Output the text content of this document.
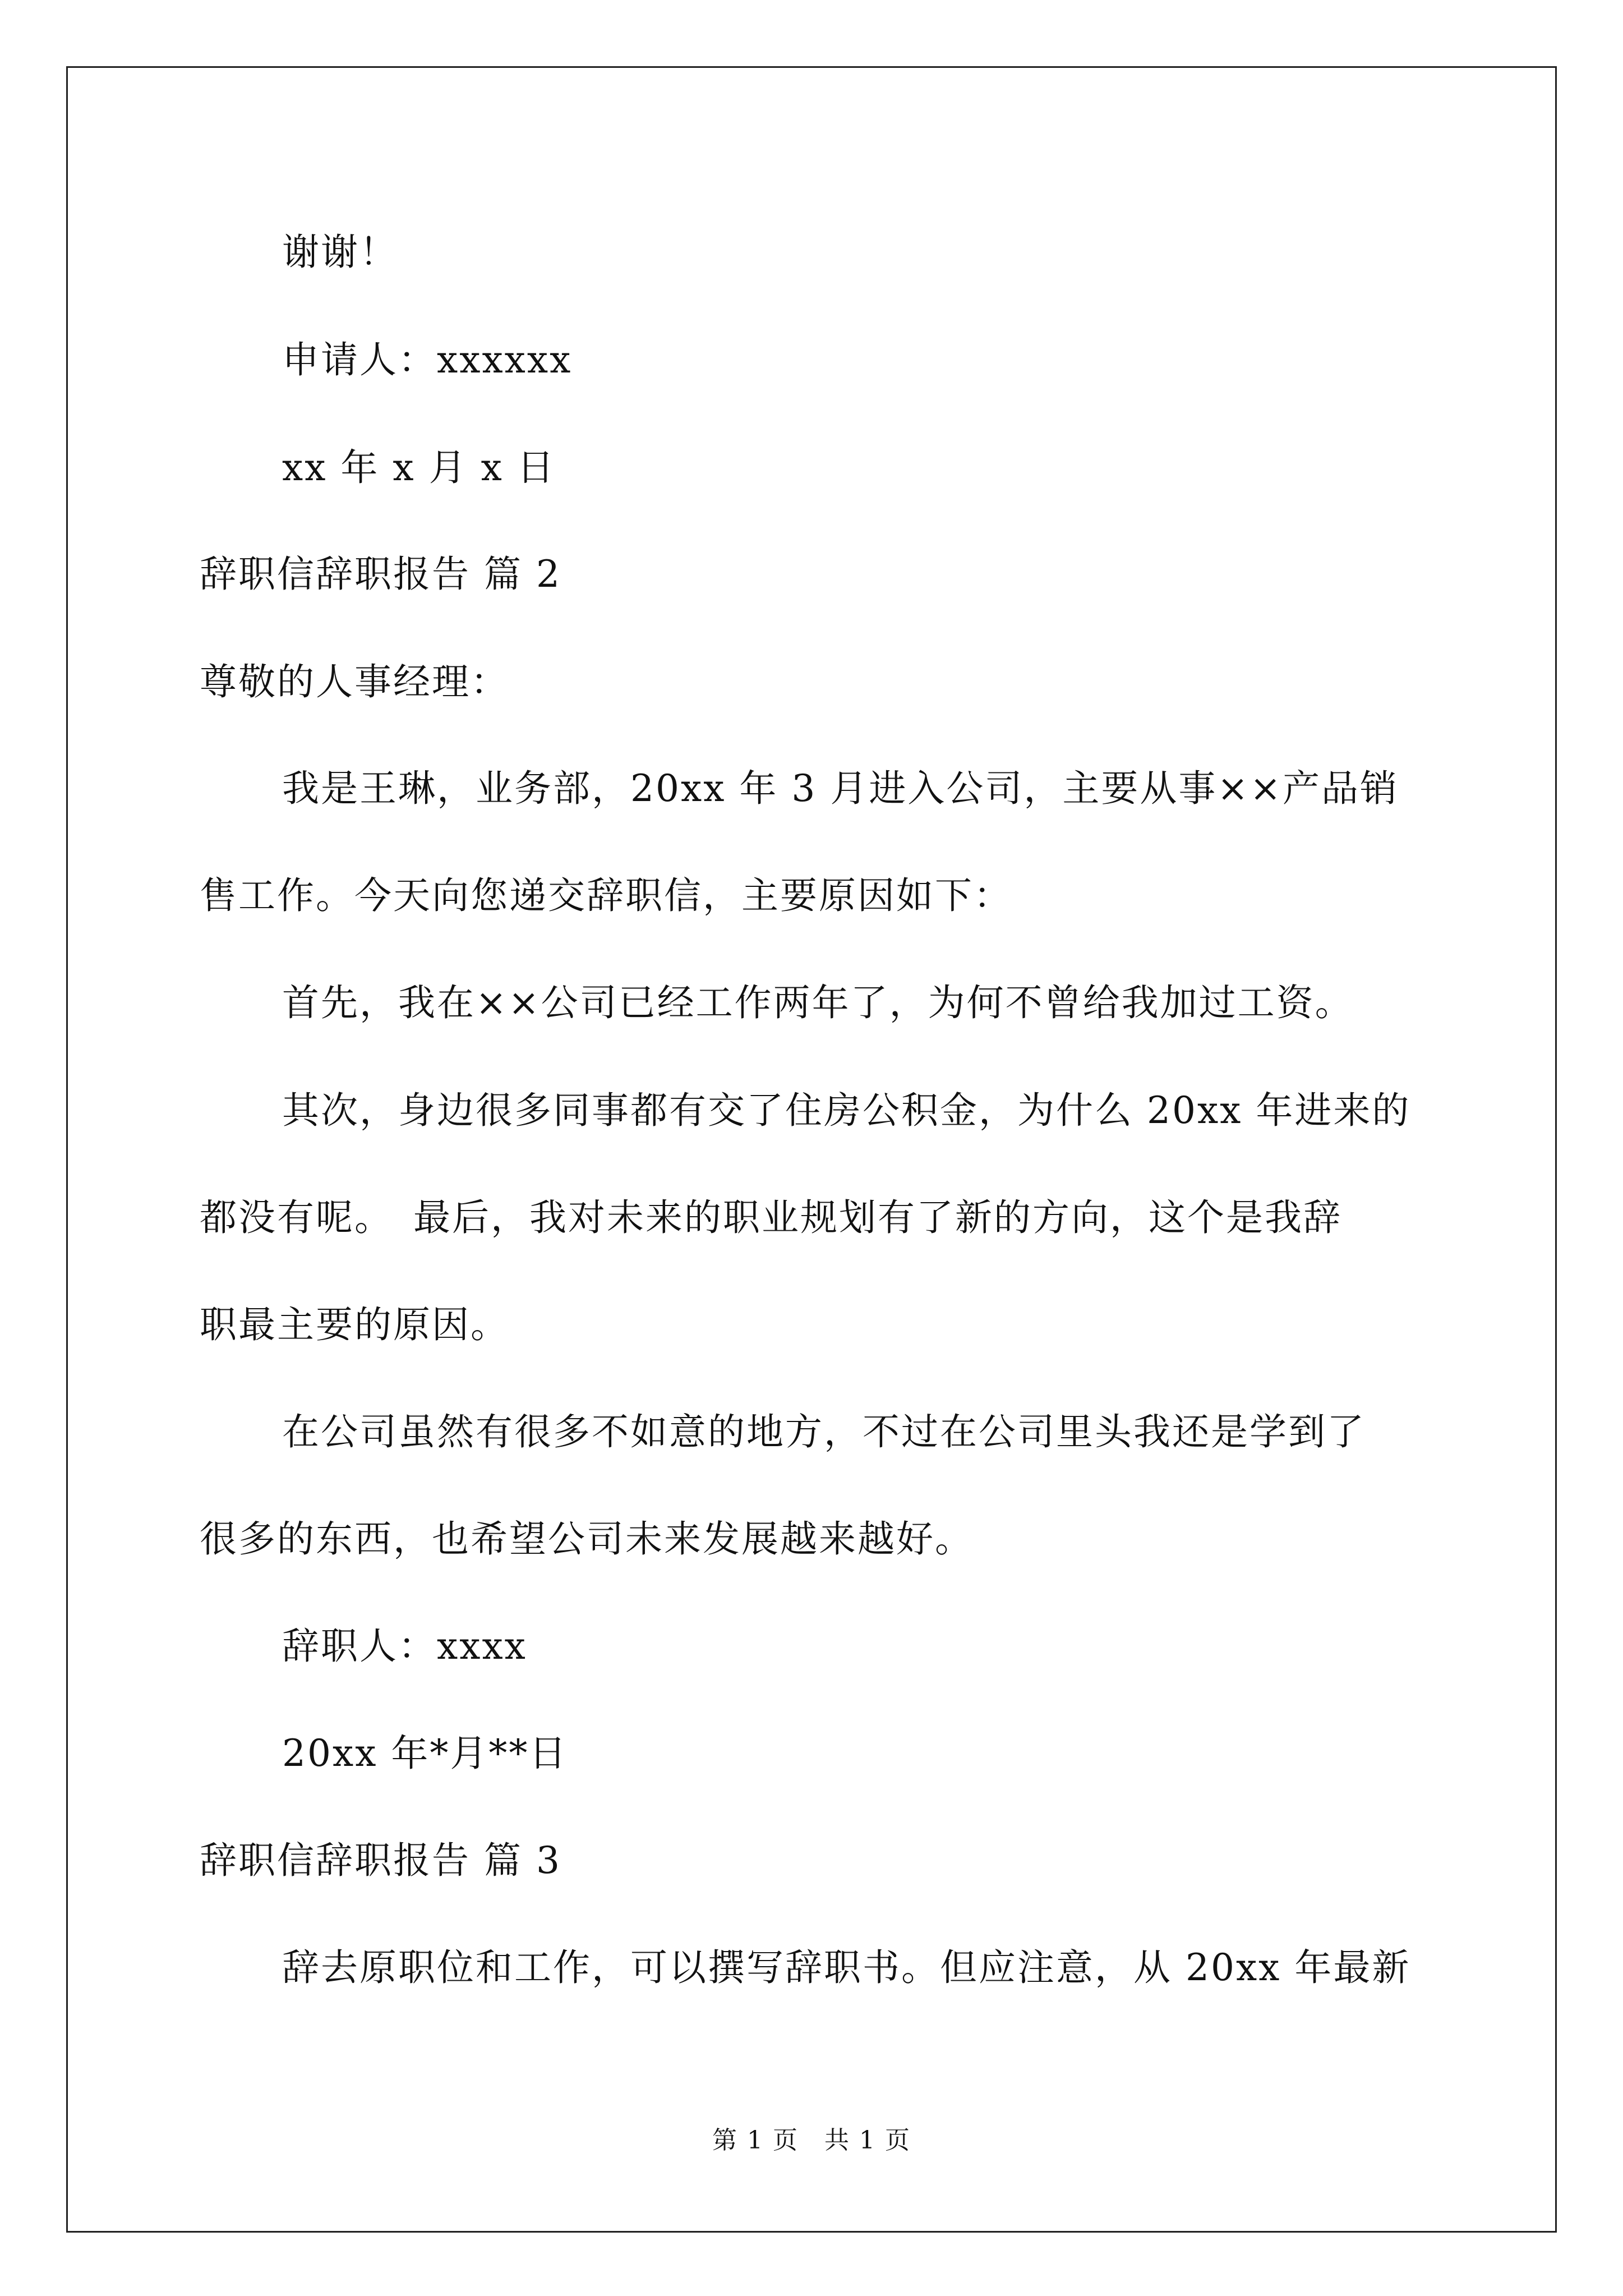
谢谢！
申请人：xxxxxx
xx 年 x 月 x 日
辞职信辞职报告 篇 2
尊敬的人事经理：
我是王琳，业务部，20xx 年 3 月进入公司，主要从事××产品销
售工作。今天向您递交辞职信，主要原因如下：
首先，我在××公司已经工作两年了，为何不曾给我加过工资。
其次，身边很多同事都有交了住房公积金，为什么 20xx 年进来的
都没有呢。　最后，我对未来的职业规划有了新的方向，这个是我辞
职最主要的原因。
在公司虽然有很多不如意的地方，不过在公司里头我还是学到了
很多的东西，也希望公司未来发展越来越好。
辞职人：xxxx
20xx 年*月**日
辞职信辞职报告 篇 3
辞去原职位和工作，可以撰写辞职书。但应注意，从 20xx 年最新
第 1 页　共 1 页
